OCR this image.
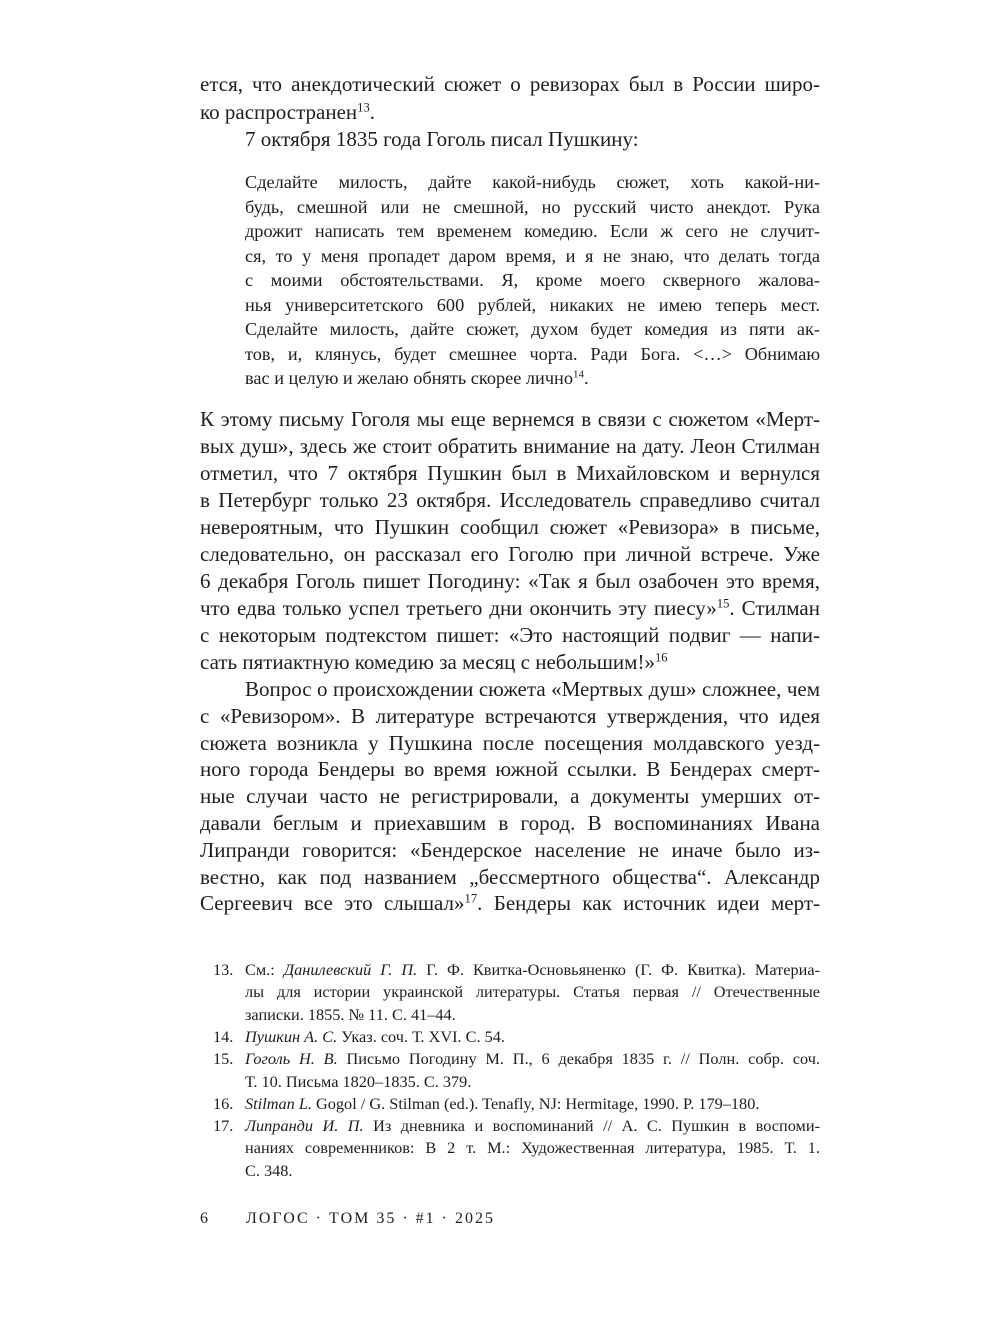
ется, что анекдотический сюжет о ревизорах был в России широ-
ко распространен$^{13}$.
7 октября 1835 года Гоголь писал Пушкину:
Сделайте милость, дайте какой-нибудь сюжет, хоть какой-ни-
будь, смешной или не смешной, но русский чисто анекдот. Рука
дрожит написать тем временем комедию. Если ж сего не случит-
ся, то у меня пропадет даром время, и я не знаю, что делать тогда
с моими обстоятельствами. Я, кроме моего скверного жалова-
нья университетского 600 рублей, никаких не имею теперь мест.
Сделайте милость, дайте сюжет, духом будет комедия из пяти ак-
тов, и, клянусь, будет смешнее чорта. Ради Бога. <…> Обнимаю
вас и целую и желаю обнять скорее лично$^{14}$.
К этому письму Гоголя мы еще вернемся в связи с сюжетом «Мерт-
вых душ», здесь же стоит обратить внимание на дату. Леон Стилман
отметил, что 7 октября Пушкин был в Михайловском и вернулся
в Петербург только 23 октября. Исследователь справедливо считал
невероятным, что Пушкин сообщил сюжет «Ревизора» в письме,
следовательно, он рассказал его Гоголю при личной встрече. Уже
6 декабря Гоголь пишет Погодину: «Так я был озабочен это время,
что едва только успел третьего дни окончить эту пиесу»$^{15}$. Стилман
с некоторым подтекстом пишет: «Это настоящий подвиг — напи-
сать пятиактную комедию за месяц с небольшим!»$^{16}$
Вопрос о происхождении сюжета «Мертвых душ» сложнее, чем
с «Ревизором». В литературе встречаются утверждения, что идея
сюжета возникла у Пушкина после посещения молдавского уезд-
ного города Бендеры во время южной ссылки. В Бендерах смерт-
ные случаи часто не регистрировали, а документы умерших от-
давали беглым и приехавшим в город. В воспоминаниях Ивана
Липранди говорится: «Бендерское население не иначе было из-
вестно, как под названием „бессмертного общества“. Александр
Сергеевич все это слышал»$^{17}$. Бендеры как источник идеи мерт-
13. См.: Данилевский Г. П. Г. Ф. Квитка-Основьяненко (Г. Ф. Квитка). Материа-
лы для истории украинской литературы. Статья первая // Отечественные
записки. 1855. № 11. С. 41–44.
14. Пушкин А. С. Указ. соч. Т. XVI. С. 54.
15. Гоголь Н. В. Письмо Погодину М. П., 6 декабря 1835 г. // Полн. собр. соч.
Т. 10. Письма 1820–1835. С. 379.
16. Stilman L. Gogol / G. Stilman (ed.). Tenafly, NJ: Hermitage, 1990. P. 179–180.
17. Липранди И. П. Из дневника и воспоминаний // А. С. Пушкин в воспоми-
наниях современников: В 2 т. М.: Художественная литература, 1985. Т. 1.
С. 348.
6 ЛОГОС · ТОМ 35 · #1 · 2025
